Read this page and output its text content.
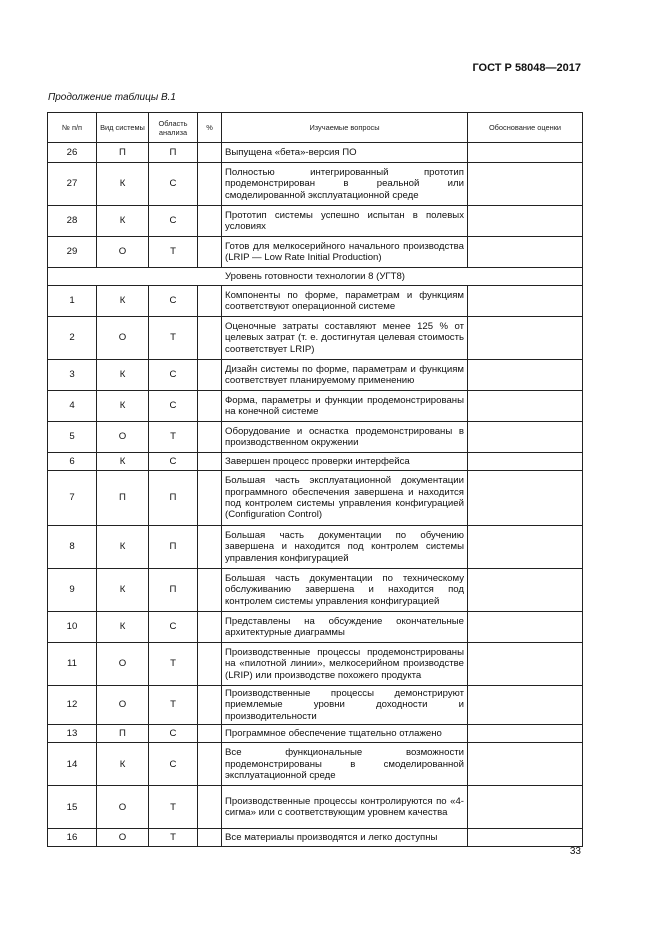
ГОСТ Р 58048—2017
Продолжение таблицы В.1
№ п/п	Вид системы	Область анализа	%	Изучаемые вопросы	Обоснование оценки
26	П	П		Выпущена «бета»-версия ПО	
27	К	С		Полностью интегрированный прототип продемонстрирован в реальной или смоделированной эксплуатационной среде	
28	К	С		Прототип системы успешно испытан в полевых условиях	
29	О	Т		Готов для мелкосерийного начального производства (LRIP — Low Rate Initial Production)	
Уровень готовности технологии 8 (УГТ8)					
1	К	С		Компоненты по форме, параметрам и функциям соответствуют операционной системе	
2	О	Т		Оценочные затраты составляют менее 125 % от целевых затрат (т. е. достигнутая целевая стоимость соответствует LRIP)	
3	К	С		Дизайн системы по форме, параметрам и функциям соответствует планируемому применению	
4	К	С		Форма, параметры и функции продемонстрированы на конечной системе	
5	О	Т		Оборудование и оснастка продемонстрированы в производственном окружении	
6	К	С		Завершен процесс проверки интерфейса	
7	П	П		Большая часть эксплуатационной документации программного обеспечения завершена и находится под контролем системы управления конфигурацией (Configuration Control)	
8	К	П		Большая часть документации по обучению завершена и находится под контролем системы управления конфигурацией	
9	К	П		Большая часть документации по техническому обслуживанию завершена и находится под контролем системы управления конфигурацией	
10	К	С		Представлены на обсуждение окончательные архитектурные диаграммы	
11	О	Т		Производственные процессы продемонстрированы на «пилотной линии», мелкосерийном производстве (LRIP) или производстве похожего продукта	
12	О	Т		Производственные процессы демонстрируют приемлемые уровни доходности и производительности	
13	П	С		Программное обеспечение тщательно отлажено	
14	К	С		Все функциональные возможности продемонстрированы в смоделированной эксплуатационной среде	
15	О	Т		Производственные процессы контролируются по «4-сигма» или с соответствующим уровнем качества	
16	О	Т		Все материалы производятся и легко доступны	
33
